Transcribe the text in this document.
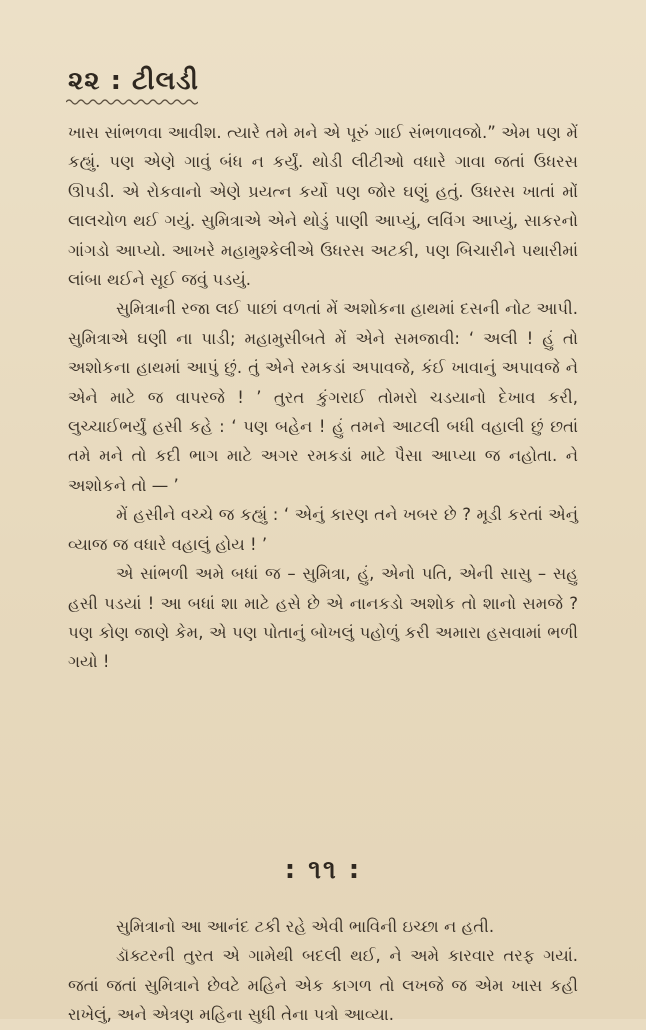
૨૨ : ટીલડી

ખાસ સાંભળવા આવીશ. ત્યારે તમે મને એ પૂરું ગાઈ સંભળાવજો.” એમ પણ મેં કહ્યું. પણ એણે ગાવું બંધ ન કર્યું. થોડી લીટીઓ વધારે ગાવા જતાં ઉધરસ ઊપડી. એ રોકવાનો એણે પ્રયત્ન કર્યો પણ જોર ઘણું હતું. ઉધરસ ખાતાં મોં લાલચોળ થઈ ગયું. સુમિત્રાએ એને થોડું પાણી આપ્યું, લવિંગ આપ્યું, સાકરનો ગાંગડો આપ્યો. આખરે મહામુશ્કેલીએ ઉધરસ અટકી, પણ બિચારીને પથારીમાં લાંબા થઈને સૂઈ જવું પડયું.

સુમિત્રાની રજા લઈ પાછાં વળતાં મેં અશોકના હાથમાં દસની નોટ આપી. સુમિત્રાએ ઘણી ના પાડી; મહામુસીબતે મેં એને સમજાવી: ‘ અલી ! હું તો અશોકના હાથમાં આપું છું. તું એને રમકડાં અપાવજે, કંઈ ખાવાનું અપાવજે ને એને માટે જ વાપરજે ! ’ તુરત કુંગરાઈ તોમરો ચડયાનો દેખાવ કરી, લુચ્ચાઈભર્યું હસી કહે : ‘ પણ બહેન ! હું તમને આટલી બધી વહાલી છું છતાં તમે મને તો કદી ભાગ માટે અગર રમકડાં માટે પૈસા આપ્યા જ નહોતા. ને અશોકને તો — ’

મેં હસીને વચ્ચે જ કહ્યું : ‘ એનું કારણ તને ખબર છે ? મૂડી કરતાં એનું વ્યાજ જ વધારે વહાલું હોય ! ’

એ સાંભળી અમે બધાં જ – સુમિત્રા, હું, એનો પતિ, એની સાસુ – સહુ હસી પડયાં ! આ બધાં શા માટે હસે છે એ નાનકડો અશોક તો શાનો સમજે ? પણ કોણ જાણે કેમ, એ પણ પોતાનું બોખલું પહોળું કરી અમારા હસવામાં ભળી ગયો !

: ૧૧ :

સુમિત્રાનો આ આનંદ ટકી રહે એવી ભાવિની ઇચ્છા ન હતી.

ડૉક્ટરની તુરત એ ગામેથી બદલી થઈ, ને અમે કારવાર તરફ ગયાં. જતાં જતાં સુમિત્રાને છેવટે મહિને એક કાગળ તો લખજે જ એમ ખાસ કહી રાખેલું, અને એત્રણ મહિના સુધી તેના પત્રો આવ્યા.
